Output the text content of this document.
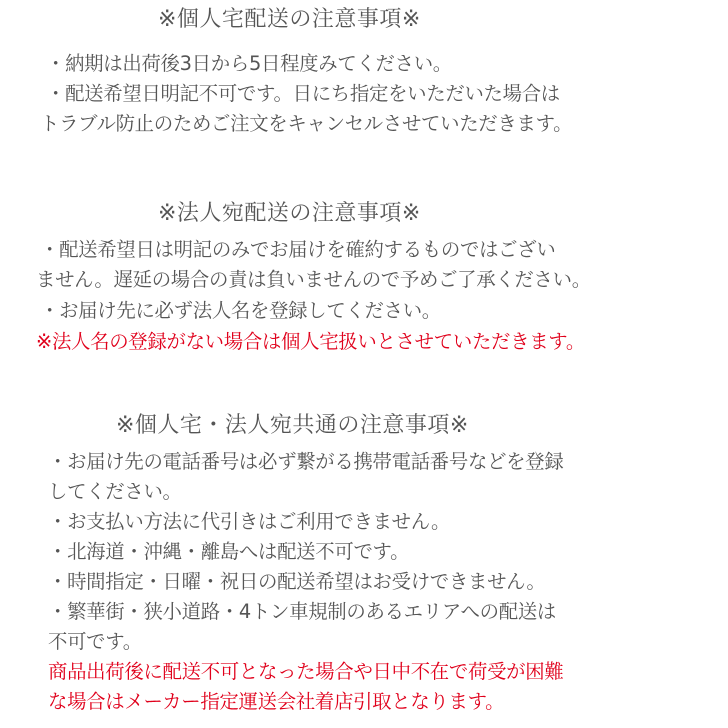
※個人宅配送の注意事項※

・納期は出荷後3日から5日程度みてください。

・配送希望日明記不可です。日にち指定をいただいた場合は

トラブル防止のためご注文をキャンセルさせていただきます。

※法人宛配送の注意事項※

・配送希望日は明記のみでお届けを確約するものではござい

ません。遅延の場合の責は負いませんので予めご了承ください。

・お届け先に必ず法人名を登録してください。

※法人名の登録がない場合は個人宅扱いとさせていただきます。

※個人宅・法人宛共通の注意事項※

・お届け先の電話番号は必ず繋がる携帯電話番号などを登録

してください。

・お支払い方法に代引きはご利用できません。

・北海道・沖縄・離島へは配送不可です。

・時間指定・日曜・祝日の配送希望はお受けできません。

・繁華街・狭小道路・4トン車規制のあるエリアへの配送は

不可です。

商品出荷後に配送不可となった場合や日中不在で荷受が困難

な場合はメーカー指定運送会社着店引取となります。
